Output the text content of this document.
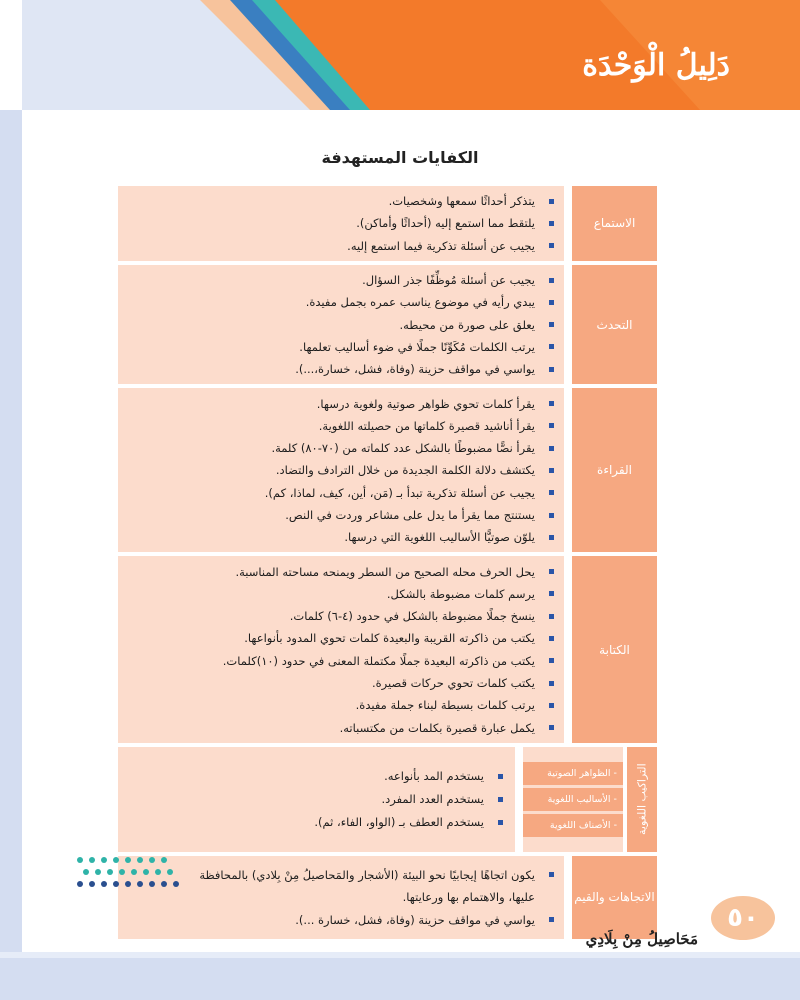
دَلِيلُ الْوَحْدَة
الكفايات المستهدفة
الاستماع
يتذكر أحداثًا سمعها وشخصيات.
يلتقط مما استمع إليه (أحداثًا وأماكن).
يجيب عن أسئلة تذكرية فيما استمع إليه.
التحدث
يجيب عن أسئلة مُوظِّفًا جذر السؤال.
يبدي رأيه في موضوع يناسب عمره بجمل مفيدة.
يعلق على صورة من محيطه.
يرتب الكلمات مُكَوِّنًا جملًا في ضوء أساليب تعلمها.
يواسي في مواقف حزينة (وفاة، فشل، خسارة،...).
القراءة
يقرأ كلمات تحوي ظواهر صوتية ولغوية درسها.
يقرأ أناشيد قصيرة كلماتها من حصيلته اللغوية.
يقرأ نصًّا مضبوطًا بالشكل عدد كلماته من (٧٠-٨٠) كلمة.
يكتشف دلالة الكلمة الجديدة من خلال الترادف والتضاد.
يجيب عن أسئلة تذكرية تبدأ بـ (مَن، أين، كيف، لماذا، كم).
يستنتج مما يقرأ ما يدل على مشاعر وردت في النص.
يلوّن صوتيًّا الأساليب اللغوية التي درسها.
الكتابة
يحل الحرف محله الصحيح من السطر ويمنحه مساحته المناسبة.
يرسم كلمات مضبوطة بالشكل.
ينسخ جملًا مضبوطة بالشكل في حدود (٤-٦) كلمات.
يكتب من ذاكرته القريبة والبعيدة كلمات تحوي المدود بأنواعها.
يكتب من ذاكرته البعيدة جملًا مكتملة المعنى في حدود (١٠)كلمات.
يكتب كلمات تحوي حركات قصيرة.
يرتب كلمات بسيطة لبناء جملة مفيدة.
يكمل عبارة قصيرة بكلمات من مكتسباته.
التراكيب اللغوية
- الظواهر الصوتية
- الأساليب اللغوية
- الأصناف اللغوية
يستخدم المد بأنواعه.
يستخدم العدد المفرد.
يستخدم العطف بـ (الواو، الفاء، ثم).
الاتجاهات والقيم
يكون اتجاهًا إيجابيًا نحو البيئة (الأشجار والمَحاصيلُ مِنْ بِلادي) بالمحافظة
عليها، والاهتمام بها ورعايتها.
يواسي في مواقف حزينة (وفاة، فشل، خسارة ...).	٥٠
مَحَاصِيلُ مِنْ بِلَادِي
